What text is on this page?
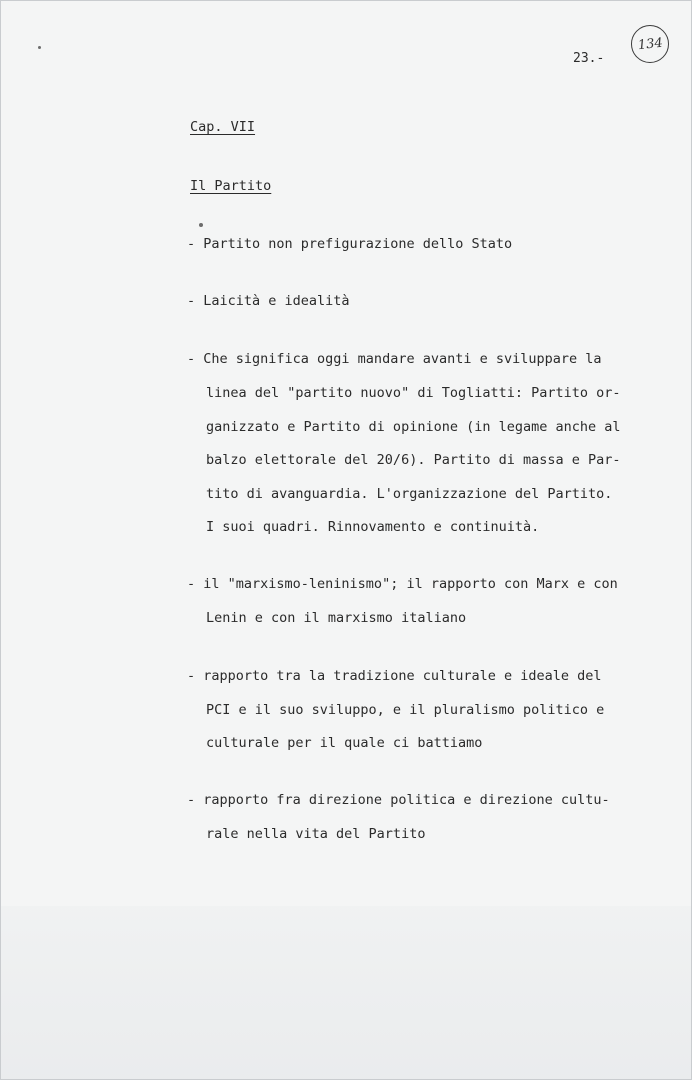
23.-
134
Cap. VII
Il Partito
- Partito non prefigurazione dello Stato
- Laicità e idealità
- Che significa oggi mandare avanti e sviluppare la
linea del "partito nuovo" di Togliatti: Partito or-
ganizzato e Partito di opinione (in legame anche al
balzo elettorale del 20/6). Partito di massa e Par-
tito di avanguardia. L'organizzazione del Partito.
I suoi quadri. Rinnovamento e continuità.
- il "marxismo-leninismo"; il rapporto con Marx e con
Lenin e con il marxismo italiano
- rapporto tra la tradizione culturale e ideale del
PCI e il suo sviluppo, e il pluralismo politico e
culturale per il quale ci battiamo
- rapporto fra direzione politica e direzione cultu-
rale nella vita del Partito
